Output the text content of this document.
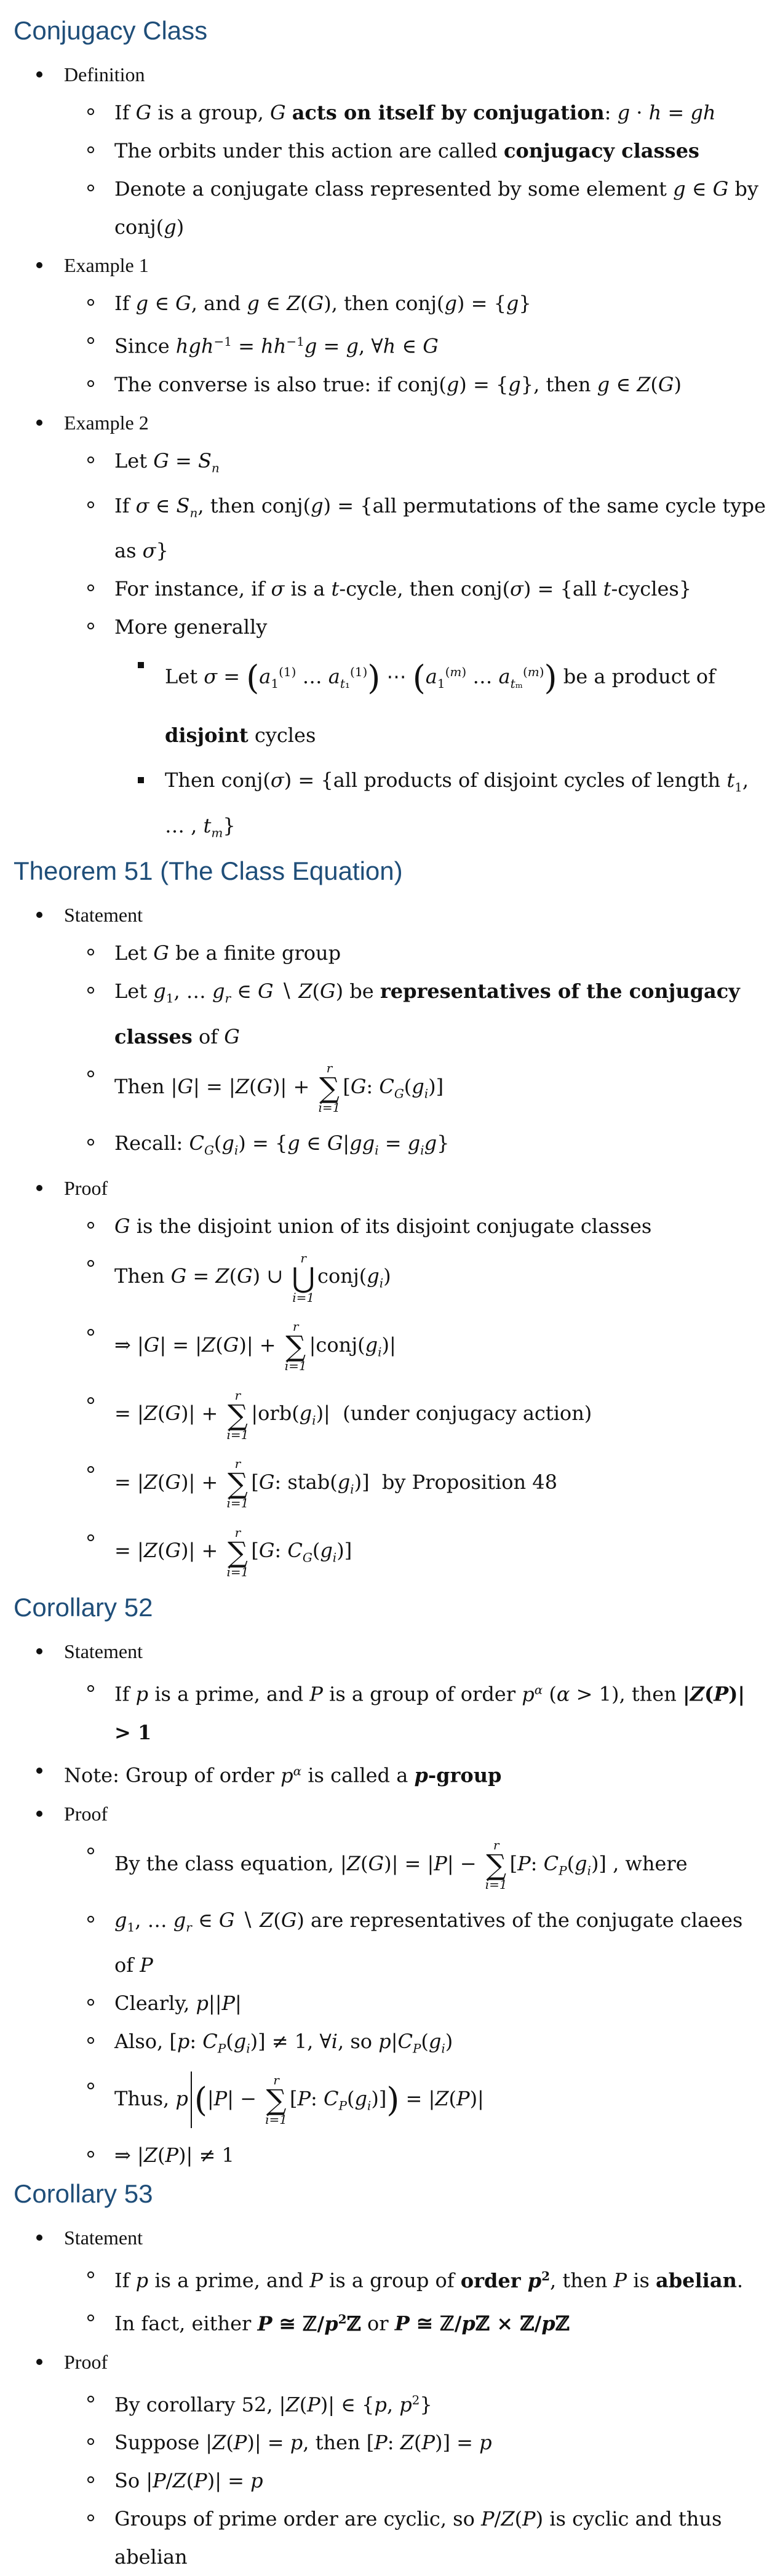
Conjugacy Class
Definition
If G is a group, G acts on itself by conjugation: g · h = gh
The orbits under this action are called conjugacy classes
Denote a conjugate class represented by some element g ∈ G by conj(g)
Example 1
If g ∈ G, and g ∈ Z(G), then conj(g) = {g}
Since $hgh^{-1} = hh^{-1}g = g$, ∀h ∈ G
The converse is also true: if conj(g) = {g}, then g ∈ Z(G)
Example 2
Let $G = S_n$
If σ ∈ $S_n$, then conj(g) = {all permutations of the same cycle type as σ}
For instance, if σ is a t-cycle, then conj(σ) = {all t-cycles}
More generally
Let $\sigma = (a_1^{(1)}$ … $a_{t_1}^{(1)}$) ⋯ ($a_1^{(m)}$ … $a_{t_m}^{(m)}$) be a product of disjoint cycles
Then conj(σ) = {all products of disjoint cycles of length $t_1$, … , $t_m$}
Theorem 51 (The Class Equation)
Statement
Let G be a finite group
Let $g_1$, … $g_r$ ∈ G ∖ Z(G) be representatives of the conjugacy classes of G
Then |G| = |Z(G)| +
r
∑
i=1
[G: $C_G(g_i)$]
Recall: $C_G(g_i) = \{g$ ∈ $G|gg_i = g_ig$}
Proof
G is the disjoint union of its disjoint conjugate classes
Then G = Z(G) ∪
r
⋃
i=1
$conj(g_i)$
⇒ |G| = |Z(G)| +
r
∑
i=1
$|conj(g_i)|$
= |Z(G)| +
r
∑
i=1
$|orb(g_i)|$  (under conjugacy action)
= |Z(G)| +
r
∑
i=1
[G: $stab(g_i)$]  by Proposition 48
= |Z(G)| +
r
∑
i=1
[G: $C_G(g_i)$]
Corollary 52
Statement
If p is a prime, and P is a group of order $p^\alpha$ (α > 1), then |Z(P)| > 1
Note: Group of order $p^\alpha$ is called a p-group
Proof
By the class equation, |Z(G)| = |P| −
r
∑
i=1
[P: $C_P(g_i)$] , where
$g_1$, … $g_r$ ∈ G ∖ Z(G) are representatives of the conjugate claees of P
Clearly, p||P|
Also, [p: $C_P(g_i)] \ne 1$, ∀i, so $p|C_P(g_i)$
Thus, p (|P| −
r
∑
i=1
[P: $C_P(g_i)]) = |Z(P)|$
⇒ |Z(P)| ≠ 1
Corollary 53
Statement
If p is a prime, and P is a group of order $p^2$, then P is abelian.
In fact, either P ≅ $ℤ/p^2ℤ$ or P ≅ ℤ/pℤ × ℤ/pℤ
Proof
By corollary 52, |Z(P)| ∈ {p, $p^2$}
Suppose |Z(P)| = p, then [P: Z(P)] = p
So |P/Z(P)| = p
Groups of prime order are cyclic, so P/Z(P) is cyclic and thus abelian
